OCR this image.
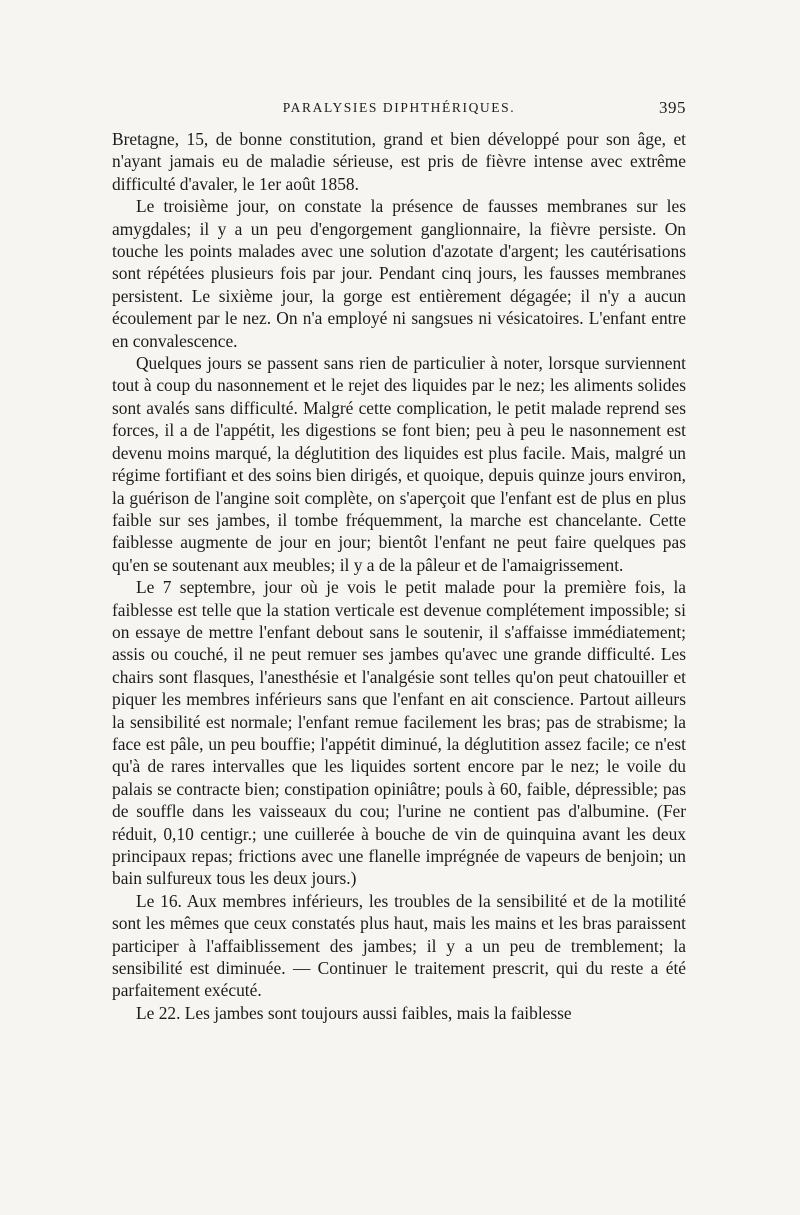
PARALYSIES DIPHTHÉRIQUES.	395

Bretagne, 15, de bonne constitution, grand et bien développé pour son âge, et n'ayant jamais eu de maladie sérieuse, est pris de fièvre intense avec extrême difficulté d'avaler, le 1er août 1858.

Le troisième jour, on constate la présence de fausses membranes sur les amygdales; il y a un peu d'engorgement ganglionnaire, la fièvre persiste. On touche les points malades avec une solution d'azotate d'argent; les cautérisations sont répétées plusieurs fois par jour. Pendant cinq jours, les fausses membranes persistent. Le sixième jour, la gorge est entièrement dégagée; il n'y a aucun écoulement par le nez. On n'a employé ni sangsues ni vésicatoires. L'enfant entre en convalescence.

Quelques jours se passent sans rien de particulier à noter, lorsque surviennent tout à coup du nasonnement et le rejet des liquides par le nez; les aliments solides sont avalés sans difficulté. Malgré cette complication, le petit malade reprend ses forces, il a de l'appétit, les digestions se font bien; peu à peu le nasonnement est devenu moins marqué, la déglutition des liquides est plus facile. Mais, malgré un régime fortifiant et des soins bien dirigés, et quoique, depuis quinze jours environ, la guérison de l'angine soit complète, on s'aperçoit que l'enfant est de plus en plus faible sur ses jambes, il tombe fréquemment, la marche est chancelante. Cette faiblesse augmente de jour en jour; bientôt l'enfant ne peut faire quelques pas qu'en se soutenant aux meubles; il y a de la pâleur et de l'amaigrissement.

Le 7 septembre, jour où je vois le petit malade pour la première fois, la faiblesse est telle que la station verticale est devenue complétement impossible; si on essaye de mettre l'enfant debout sans le soutenir, il s'affaisse immédiatement; assis ou couché, il ne peut remuer ses jambes qu'avec une grande difficulté. Les chairs sont flasques, l'anesthésie et l'analgésie sont telles qu'on peut chatouiller et piquer les membres inférieurs sans que l'enfant en ait conscience. Partout ailleurs la sensibilité est normale; l'enfant remue facilement les bras; pas de strabisme; la face est pâle, un peu bouffie; l'appétit diminué, la déglutition assez facile; ce n'est qu'à de rares intervalles que les liquides sortent encore par le nez; le voile du palais se contracte bien; constipation opiniâtre; pouls à 60, faible, dépressible; pas de souffle dans les vaisseaux du cou; l'urine ne contient pas d'albumine. (Fer réduit, 0,10 centigr.; une cuillerée à bouche de vin de quinquina avant les deux principaux repas; frictions avec une flanelle imprégnée de vapeurs de benjoin; un bain sulfureux tous les deux jours.)

Le 16. Aux membres inférieurs, les troubles de la sensibilité et de la motilité sont les mêmes que ceux constatés plus haut, mais les mains et les bras paraissent participer à l'affaiblissement des jambes; il y a un peu de tremblement; la sensibilité est diminuée. — Continuer le traitement prescrit, qui du reste a été parfaitement exécuté.

Le 22. Les jambes sont toujours aussi faibles, mais la faiblesse
